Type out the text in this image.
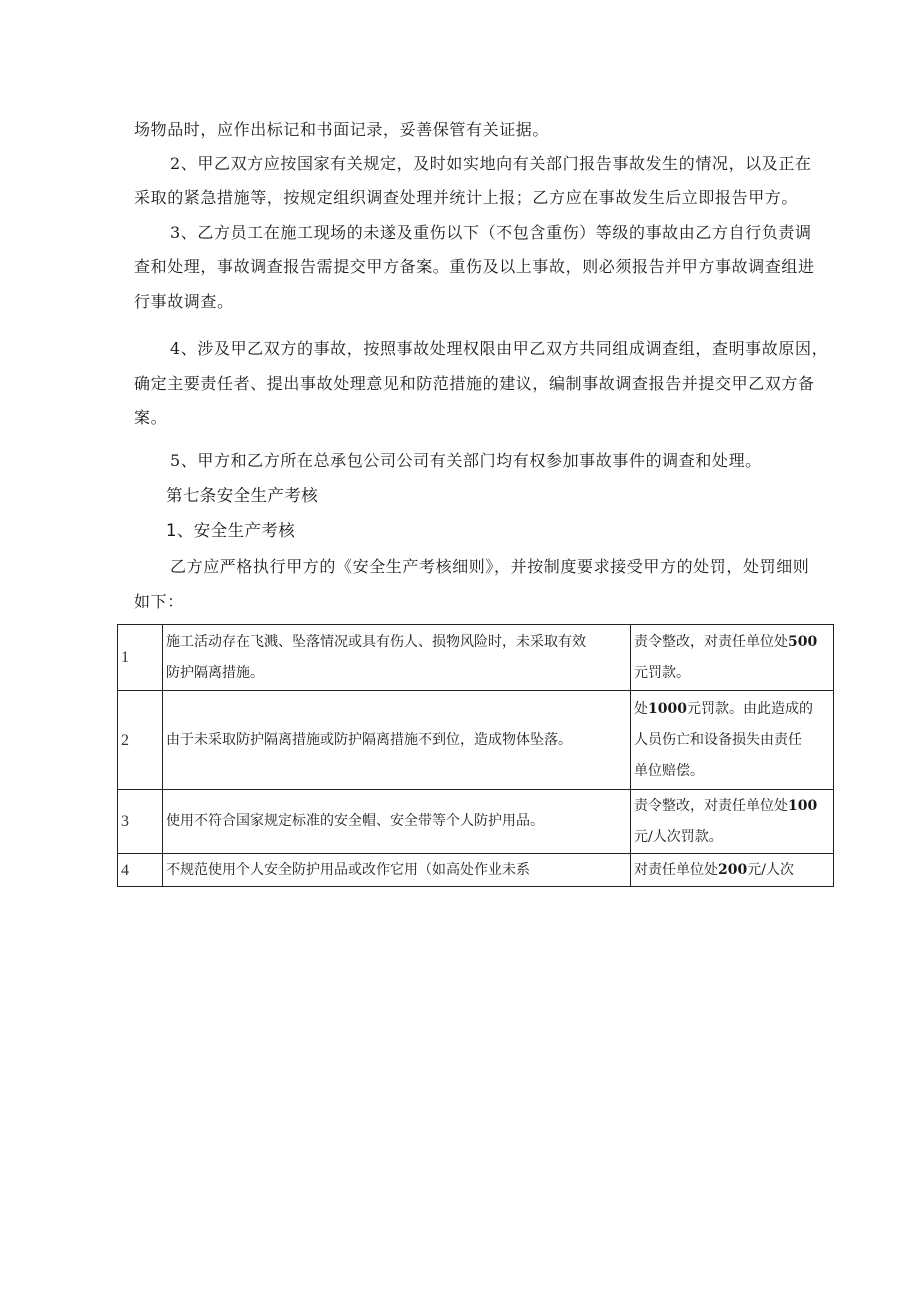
场物品时，应作出标记和书面记录，妥善保管有关证据。
2、甲乙双方应按国家有关规定，及时如实地向有关部门报告事故发生的情况，以及正在
采取的紧急措施等，按规定组织调查处理并统计上报；乙方应在事故发生后立即报告甲方。
3、乙方员工在施工现场的未遂及重伤以下（不包含重伤）等级的事故由乙方自行负责调
查和处理，事故调查报告需提交甲方备案。重伤及以上事故，则必须报告并甲方事故调查组进
行事故调查。
4、涉及甲乙双方的事故，按照事故处理权限由甲乙双方共同组成调查组，查明事故原因，
确定主要责任者、提出事故处理意见和防范措施的建议，编制事故调查报告并提交甲乙双方备
案。
5、甲方和乙方所在总承包公司公司有关部门均有权参加事故事件的调查和处理。
第七条安全生产考核
1、安全生产考核
乙方应严格执行甲方的《安全生产考核细则》，并按制度要求接受甲方的处罚，处罚细则
如下：
1	施工活动存在飞溅、坠落情况或具有伤人、损物风险时，未采取有效
防护隔离措施。	责令整改，对责任单位处500
元罚款。
2	由于未采取防护隔离措施或防护隔离措施不到位，造成物体坠落。	处1000元罚款。由此造成的
人员伤亡和设备损失由责任
单位赔偿。
3	使用不符合国家规定标准的安全帽、安全带等个人防护用品。	责令整改，对责任单位处100
元/人次罚款。
4	不规范使用个人安全防护用品或改作它用（如高处作业未系	对责任单位处200元/人次
